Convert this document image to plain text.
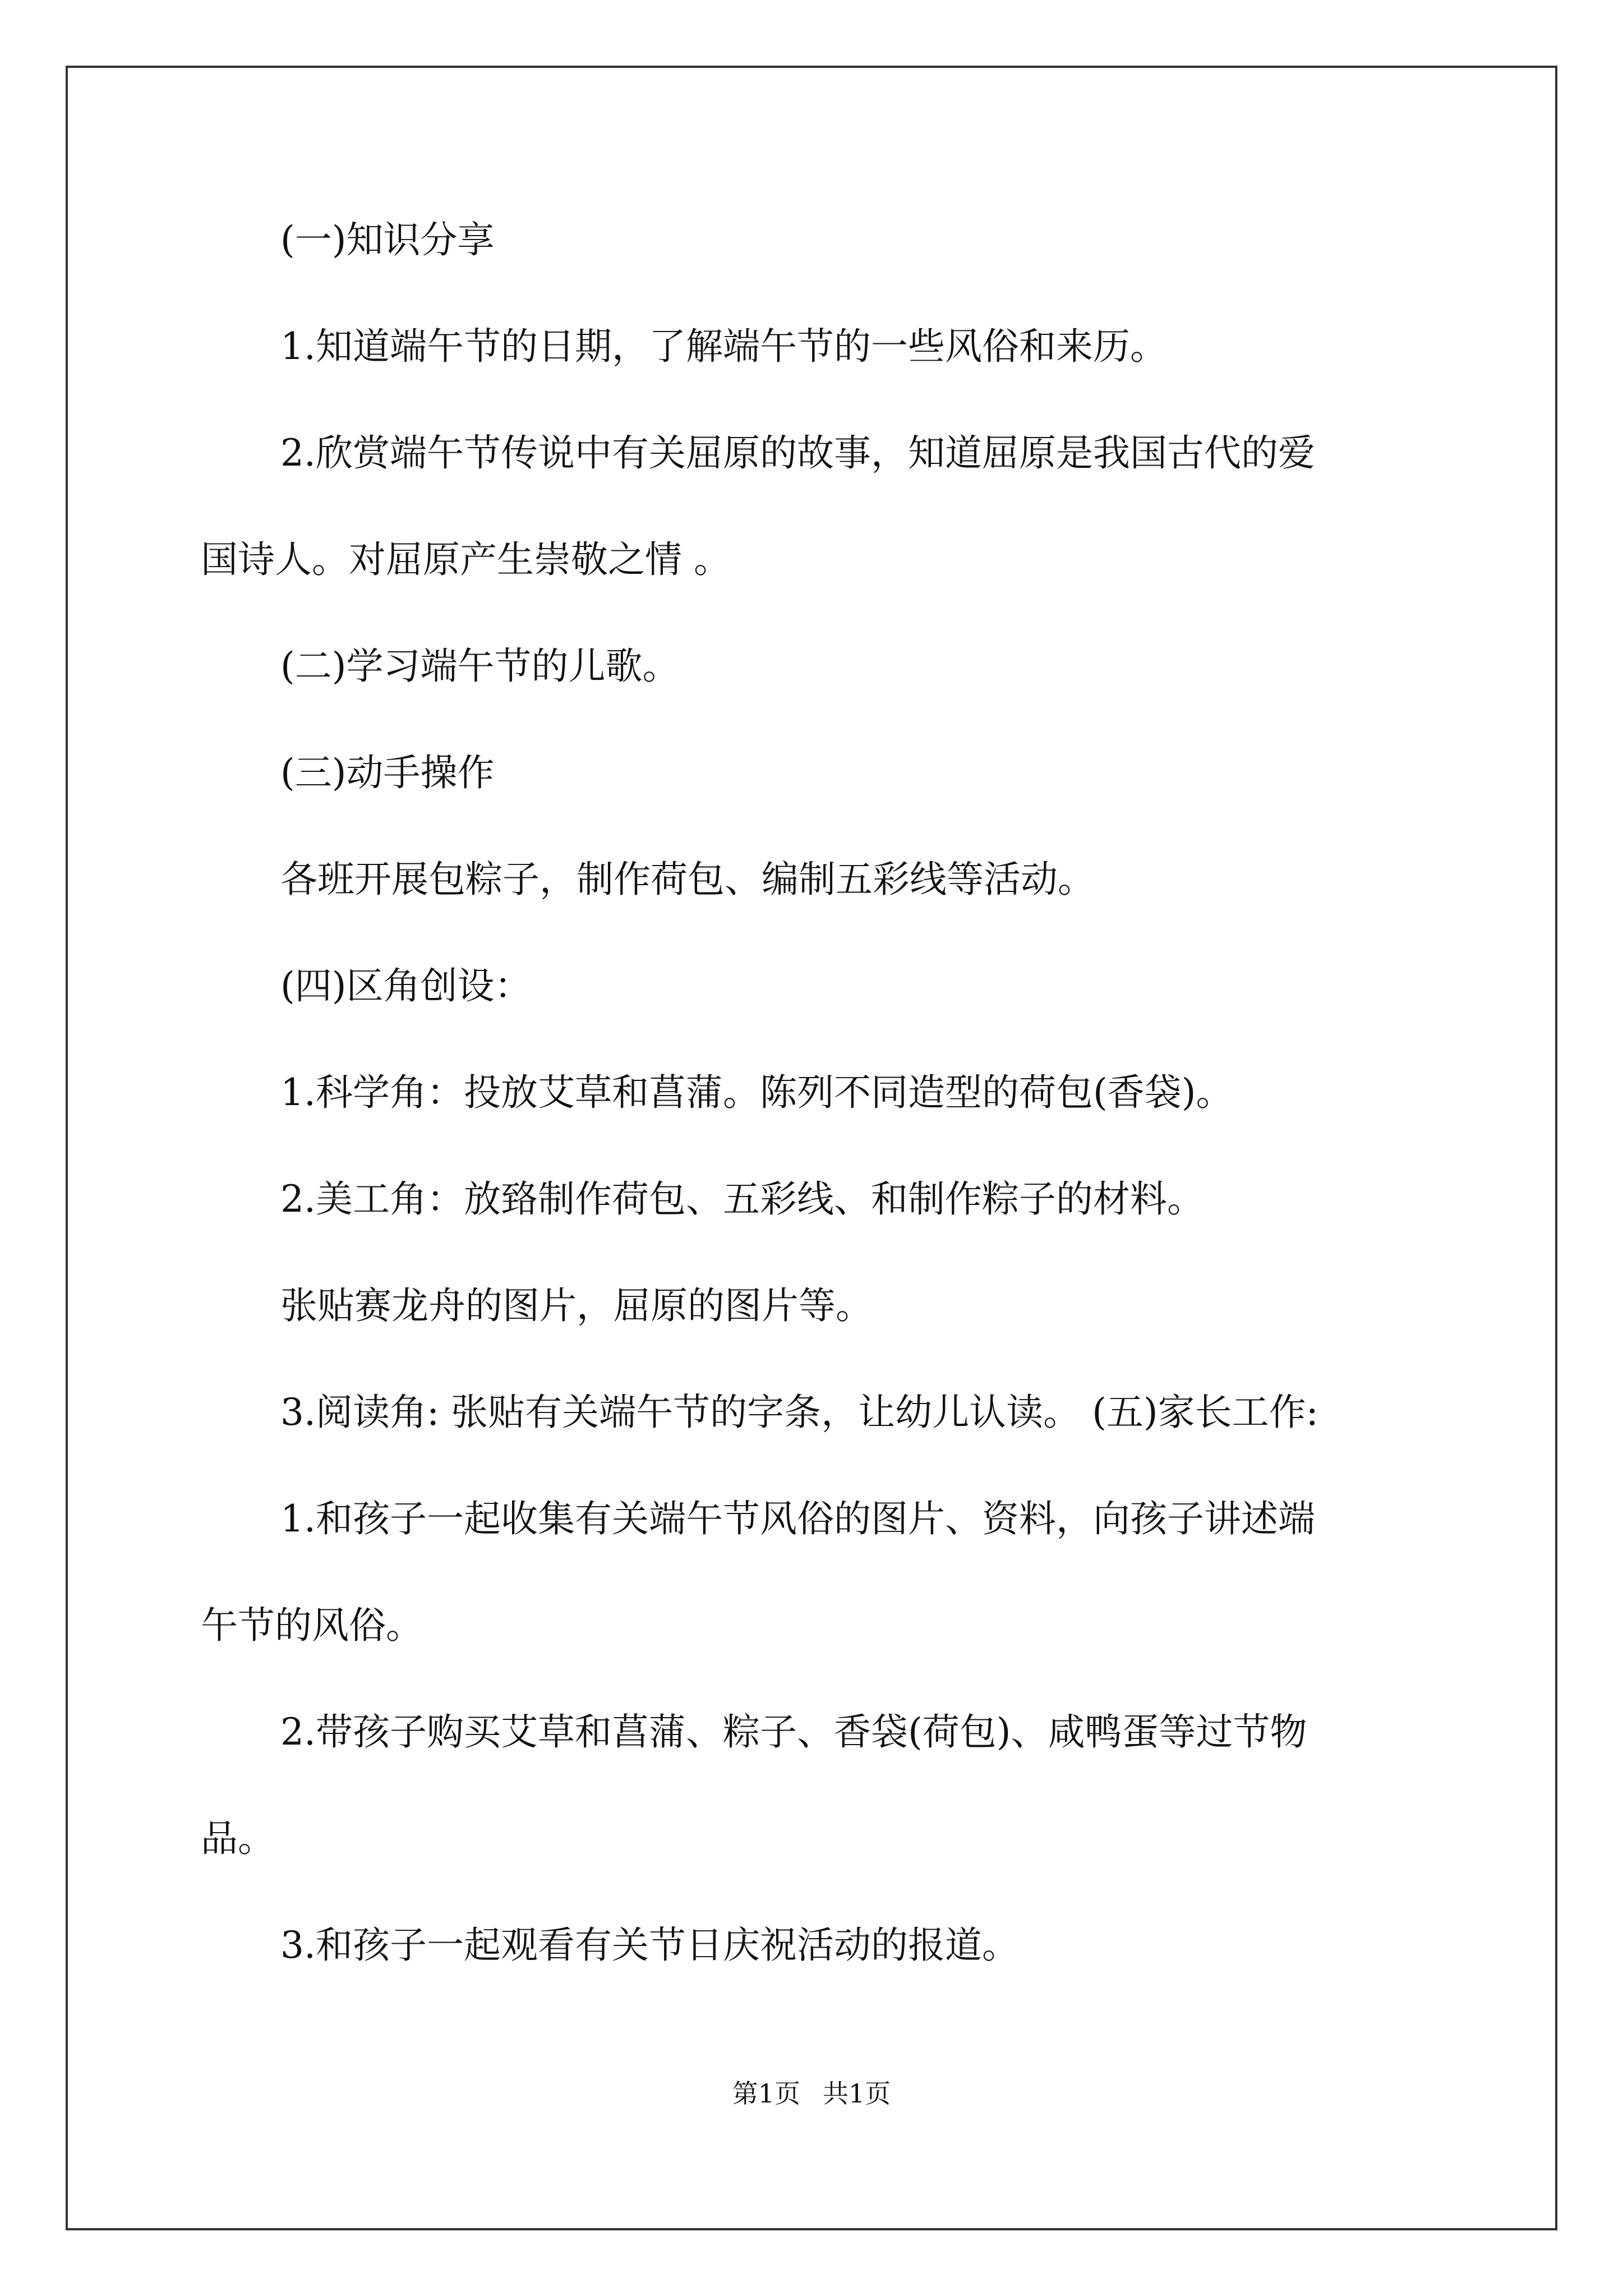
(一)知识分享

1.知道端午节的日期，了解端午节的一些风俗和来历。

2.欣赏端午节传说中有关屈原的故事，知道屈原是我国古代的爱
国诗人。对屈原产生崇敬之情 。

(二)学习端午节的儿歌。

(三)动手操作

各班开展包粽子，制作荷包、编制五彩线等活动。

(四)区角创设：

1.科学角：投放艾草和菖蒲。陈列不同造型的荷包(香袋)。

2.美工角：放臵制作荷包、五彩线、和制作粽子的材料。

张贴赛龙舟的图片，屈原的图片等。

3.阅读角: 张贴有关端午节的字条，让幼儿认读。 (五)家长工作:

1.和孩子一起收集有关端午节风俗的图片、资料，向孩子讲述端
午节的风俗。
2.带孩子购买艾草和菖蒲、粽子、香袋(荷包)、咸鸭蛋等过节物
品。

3.和孩子一起观看有关节日庆祝活动的报道。

第1页 共1页
